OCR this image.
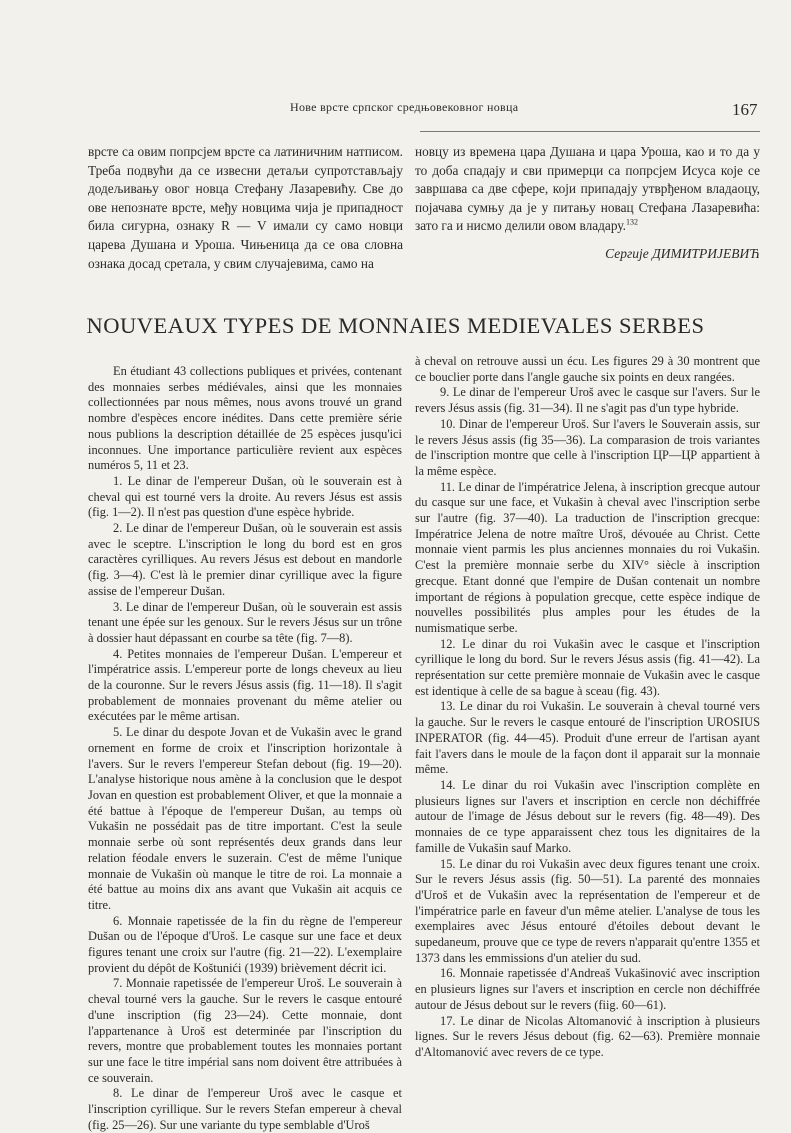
Нове врсте српског средњовековног новца	167

врсте са овим попрсјем врсте са латиничним натписом. Треба подвући да се извесни детаљи супротстављају додељивању овог новца Стефану Лазаревићу. Све до ове непознате врсте, међу новцима чија је припадност била сигурна, ознаку R — V имали су само новци царева Душана и Уроша. Чињеница да се ова словна ознака досад сретала, у свим случајевима, само на

новцу из времена цара Душана и цара Уроша, као и то да у то доба спадају и сви примерци са попрсјем Исуса које се завршава са две сфере, који припадају утврђеном владаоцу, појачава сумњу да је у питању новац Стефана Лазаревића: зато га и нисмо делили овом владару.$^{132}$

Сергије ДИМИТРИЈЕВИЋ
NOUVEAUX TYPES DE MONNAIES MEDIEVALES SERBES

En étudiant 43 collections publiques et privées, contenant des monnaies serbes médiévales, ainsi que les monnaies collectionnées par nous mêmes, nous avons trouvé un grand nombre d'espèces encore inédites. Dans cette première série nous publions la description détaillée de 25 espèces jusqu'ici inconnues. Une importance particulière revient aux espèces numéros 5, 11 et 23.

1. Le dinar de l'empereur Dušan, où le souverain est à cheval qui est tourné vers la droite. Au revers Jésus est assis (fig. 1—2). Il n'est pas question d'une espèce hybride.

2. Le dinar de l'empereur Dušan, où le souverain est assis avec le sceptre. L'inscription le long du bord est en gros caractères cyrilliques. Au revers Jésus est debout en mandorle (fig. 3—4). C'est là le premier dinar cyrillique avec la figure assise de l'empereur Dušan.

3. Le dinar de l'empereur Dušan, où le souverain est assis tenant une épée sur les genoux. Sur le revers Jésus sur un trône à dossier haut dépassant en courbe sa tête (fig. 7—8).

4. Petites monnaies de l'empereur Dušan. L'empereur et l'impératrice assis. L'empereur porte de longs cheveux au lieu de la couronne. Sur le revers Jésus assis (fig. 11—18). Il s'agit probablement de monnaies provenant du même atelier ou exécutées par le même artisan.

5. Le dinar du despote Jovan et de Vukašin avec le grand ornement en forme de croix et l'inscription horizontale à l'avers. Sur le revers l'empereur Stefan debout (fig. 19—20). L'analyse historique nous amène à la conclusion que le despot Jovan en question est probablement Oliver, et que la monnaie a été battue à l'époque de l'empereur Dušan, au temps où Vukašin ne possédait pas de titre important. C'est la seule monnaie serbe où sont représentés deux grands dans leur relation féodale envers le suzerain. C'est de même l'unique monnaie de Vukašin où manque le titre de roi. La monnaie a été battue au moins dix ans avant que Vukašin ait acquis ce titre.

6. Monnaie rapetissée de la fin du règne de l'empereur Dušan ou de l'époque d'Uroš. Le casque sur une face et deux figures tenant une croix sur l'autre (fig. 21—22). L'exemplaire provient du dépôt de Koštunići (1939) brièvement décrit ici.

7. Monnaie rapetissée de l'empereur Uroš. Le souverain à cheval tourné vers la gauche. Sur le revers le casque entouré d'une inscription (fig 23—24). Cette monnaie, dont l'appartenance à Uroš est determinée par l'inscription du revers, montre que probablement toutes les monnaies portant sur une face le titre impérial sans nom doivent être attribuées à ce souverain.

8. Le dinar de l'empereur Uroš avec le casque et l'inscription cyrillique. Sur le revers Stefan empereur à cheval (fig. 25—26). Sur une variante du type semblable d'Uroš

à cheval on retrouve aussi un écu. Les figures 29 à 30 montrent que ce bouclier porte dans l'angle gauche six points en deux rangées.

9. Le dinar de l'empereur Uroš avec le casque sur l'avers. Sur le revers Jésus assis (fig. 31—34). Il ne s'agit pas d'un type hybride.

10. Dinar de l'empereur Uroš. Sur l'avers le Souverain assis, sur le revers Jésus assis (fig 35—36). La comparasion de trois variantes de l'inscription montre que celle à l'inscription ЦР—ЦР appartient à la même espèce.

11. Le dinar de l'impératrice Jelena, à inscription grecque autour du casque sur une face, et Vukašin à cheval avec l'inscription serbe sur l'autre (fig. 37—40). La traduction de l'inscription grecque: Impératrice Jelena de notre maître Uroš, dévouée au Christ. Cette monnaie vient parmis les plus anciennes monnaies du roi Vukašin. C'est la première monnaie serbe du XIV° siècle à inscription grecque. Etant donné que l'empire de Dušan contenait un nombre important de régions à population grecque, cette espèce indique de nouvelles possibilités plus amples pour les études de la numismatique serbe.

12. Le dinar du roi Vukašin avec le casque et l'inscription cyrillique le long du bord. Sur le revers Jésus assis (fig. 41—42). La représentation sur cette première monnaie de Vukašin avec le casque est identique à celle de sa bague à sceau (fig. 43).

13. Le dinar du roi Vukašin. Le souverain à cheval tourné vers la gauche. Sur le revers le casque entouré de l'inscription UROSIUS INPERATOR (fig. 44—45). Produit d'une erreur de l'artisan ayant fait l'avers dans le moule de la façon dont il apparait sur la monnaie même.

14. Le dinar du roi Vukašin avec l'inscription complète en plusieurs lignes sur l'avers et inscription en cercle non déchiffrée autour de l'image de Jésus debout sur le revers (fig. 48—49). Des monnaies de ce type apparaissent chez tous les dignitaires de la famille de Vukašin sauf Marko.

15. Le dinar du roi Vukašin avec deux figures tenant une croix. Sur le revers Jésus assis (fig. 50—51). La parenté des monnaies d'Uroš et de Vukašin avec la représentation de l'empereur et de l'impératrice parle en faveur d'un même atelier. L'analyse de tous les exemplaires avec Jésus entouré d'étoiles debout devant le supedaneum, prouve que ce type de revers n'apparait qu'entre 1355 et 1373 dans les emmissions d'un atelier du sud.

16. Monnaie rapetissée d'Andreaš Vukašinović avec inscription en plusieurs lignes sur l'avers et inscription en cercle non déchiffrée autour de Jésus debout sur le revers (fiig. 60—61).

17. Le dinar de Nicolas Altomanović à inscription à plusieurs lignes. Sur le revers Jésus debout (fig. 62—63). Première monnaie d'Altomanović avec revers de ce type.
